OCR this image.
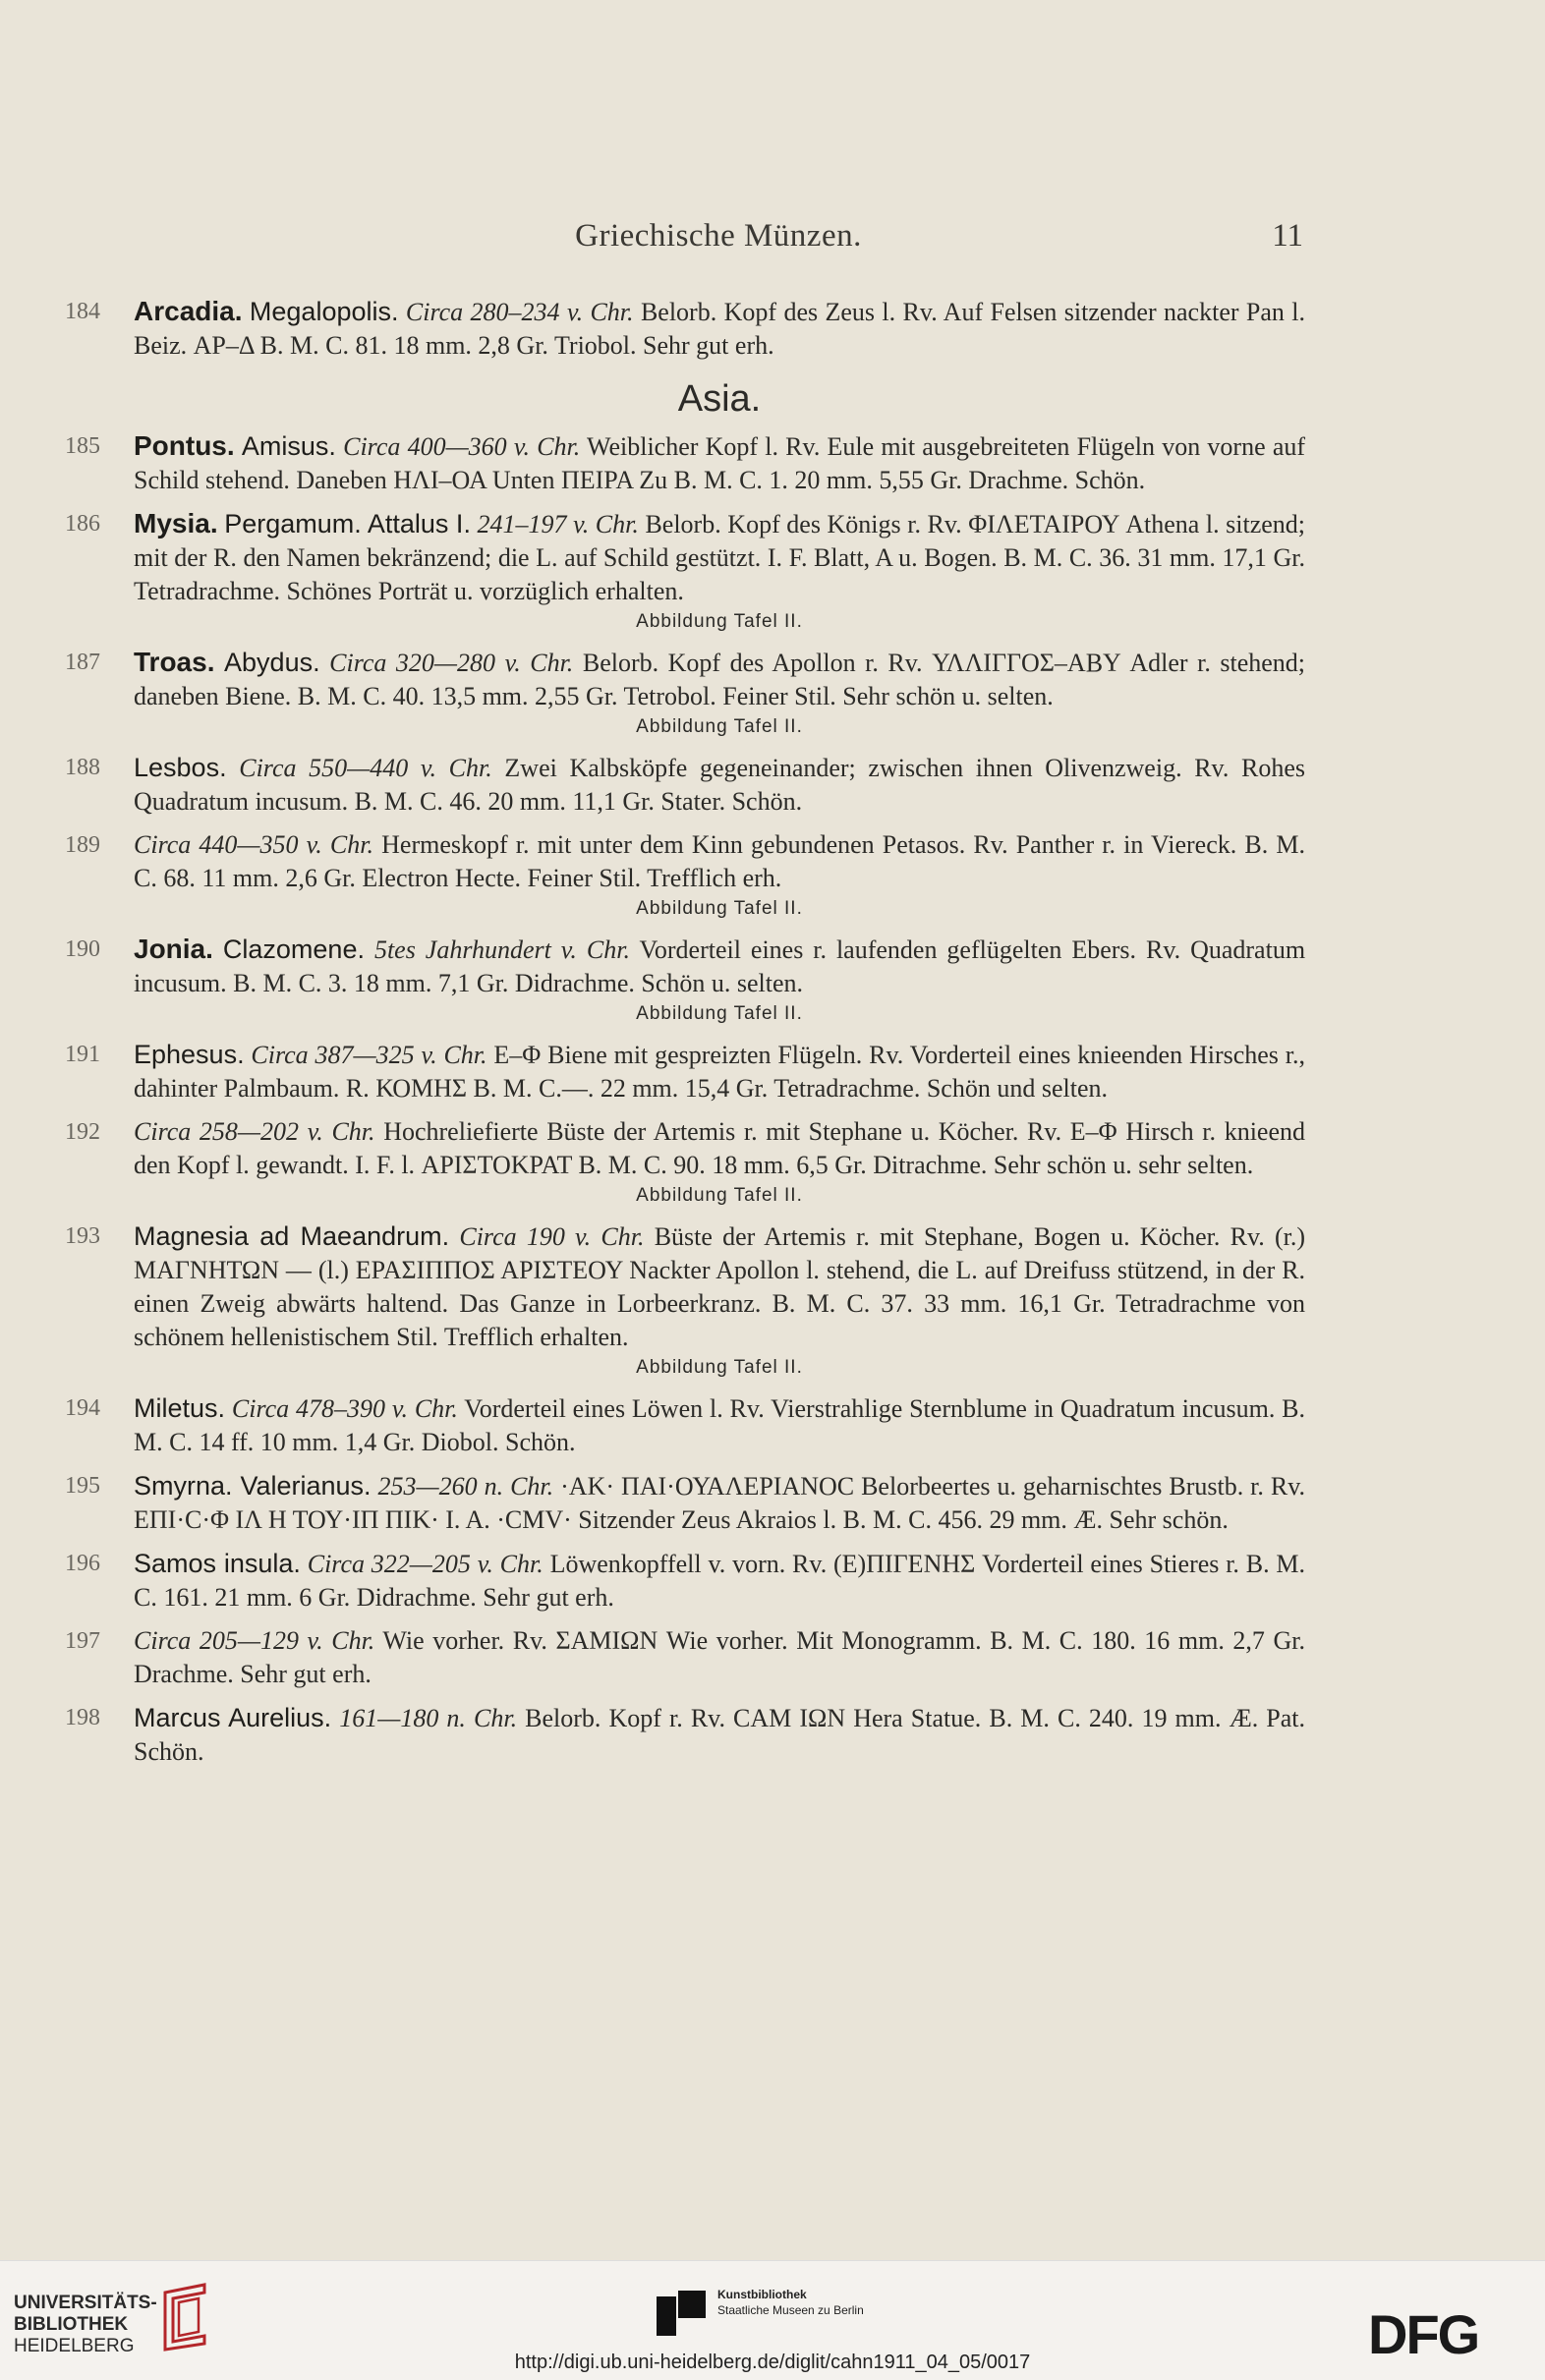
Griechische Münzen.	11
184	Arcadia. Megalopolis. Circa 280–234 v. Chr. Belorb. Kopf des Zeus l. Rv. Auf Felsen sitzender nackter Pan l. Beiz. ΑΡ–Δ B. M. C. 81. 18 mm. 2,8 Gr. Triobol. Sehr gut erh.
Asia.
185	Pontus. Amisus. Circa 400—360 v. Chr. Weiblicher Kopf l. Rv. Eule mit ausgebreiteten Flügeln von vorne auf Schild stehend. Daneben ΗΛΙ–ΟΑ Unten ΠΕΙΡΑ Zu B. M. C. 1. 20 mm. 5,55 Gr. Drachme. Schön.
186	Mysia. Pergamum. Attalus I. 241–197 v. Chr. Belorb. Kopf des Königs r. Rv. ΦΙΛΕΤΑΙΡΟΥ Athena l. sitzend; mit der R. den Namen bekränzend; die L. auf Schild gestützt. I. F. Blatt, A u. Bogen. B. M. C. 36. 31 mm. 17,1 Gr. Tetradrachme. Schönes Porträt u. vorzüglich erhalten.
Abbildung Tafel II.
187	Troas. Abydus. Circa 320—280 v. Chr. Belorb. Kopf des Apollon r. Rv. ΥΛΛΙΓΓΟΣ–ΑΒΥ Adler r. stehend; daneben Biene. B. M. C. 40. 13,5 mm. 2,55 Gr. Tetrobol. Feiner Stil. Sehr schön u. selten.
Abbildung Tafel II.
188	Lesbos. Circa 550—440 v. Chr. Zwei Kalbsköpfe gegeneinander; zwischen ihnen Olivenzweig. Rv. Rohes Quadratum incusum. B. M. C. 46. 20 mm. 11,1 Gr. Stater. Schön.
189	Circa 440—350 v. Chr. Hermeskopf r. mit unter dem Kinn gebundenen Petasos. Rv. Panther r. in Viereck. B. M. C. 68. 11 mm. 2,6 Gr. Electron Hecte. Feiner Stil. Trefflich erh.
Abbildung Tafel II.
190	Jonia. Clazomene. 5tes Jahrhundert v. Chr. Vorderteil eines r. laufenden geflügelten Ebers. Rv. Quadratum incusum. B. M. C. 3. 18 mm. 7,1 Gr. Didrachme. Schön u. selten.
Abbildung Tafel II.
191	Ephesus. Circa 387—325 v. Chr. Ε–Φ Biene mit gespreizten Flügeln. Rv. Vorderteil eines knieenden Hirsches r., dahinter Palmbaum. R. ΚΟΜΗΣ B. M. C.—. 22 mm. 15,4 Gr. Tetradrachme. Schön und selten.
192	Circa 258—202 v. Chr. Hochreliefierte Büste der Artemis r. mit Stephane u. Köcher. Rv. Ε–Φ Hirsch r. knieend den Kopf l. gewandt. I. F. l. ΑΡΙΣΤΟΚΡΑΤ B. M. C. 90. 18 mm. 6,5 Gr. Ditrachme. Sehr schön u. sehr selten.
Abbildung Tafel II.
193	Magnesia ad Maeandrum. Circa 190 v. Chr. Büste der Artemis r. mit Stephane, Bogen u. Köcher. Rv. (r.) ΜΑΓΝΗΤΩΝ — (l.) ΕΡΑΣΙΠΠΟΣ ΑΡΙΣΤΕΟΥ Nackter Apollon l. stehend, die L. auf Dreifuss stützend, in der R. einen Zweig abwärts haltend. Das Ganze in Lorbeerkranz. B. M. C. 37. 33 mm. 16,1 Gr. Tetradrachme von schönem hellenistischem Stil. Trefflich erhalten.
Abbildung Tafel II.
194	Miletus. Circa 478–390 v. Chr. Vorderteil eines Löwen l. Rv. Vierstrahlige Sternblume in Quadratum incusum. B. M. C. 14 ff. 10 mm. 1,4 Gr. Diobol. Schön.
195	Smyrna. Valerianus. 253—260 n. Chr. ·ΑΚ· ΠΑΙ·ΟΥΑΛΕΡΙΑΝΟC Belorbeertes u. geharnischtes Brustb. r. Rv. ΕΠΙ·C·Φ ΙΛ Η ΤΟΥ·ΙΠ ΠΙΚ· I. A. ·CMV· Sitzender Zeus Akraios l. B. M. C. 456. 29 mm. Æ. Sehr schön.
196	Samos insula. Circa 322—205 v. Chr. Löwenkopffell v. vorn. Rv. (Ε)ΠΙΓΕΝΗΣ Vorderteil eines Stieres r. B. M. C. 161. 21 mm. 6 Gr. Didrachme. Sehr gut erh.
197	Circa 205—129 v. Chr. Wie vorher. Rv. ΣΑΜΙΩΝ Wie vorher. Mit Monogramm. B. M. C. 180. 16 mm. 2,7 Gr. Drachme. Sehr gut erh.
198	Marcus Aurelius. 161—180 n. Chr. Belorb. Kopf r. Rv. CAM ΙΩΝ Hera Statue. B. M. C. 240. 19 mm. Æ. Pat. Schön.
UNIVERSITÄTS-
BIBLIOTHEK
HEIDELBERG
Kunstbibliothek
Staatliche Museen zu Berlin	DFG
http://digi.ub.uni-heidelberg.de/diglit/cahn1911_04_05/0017
